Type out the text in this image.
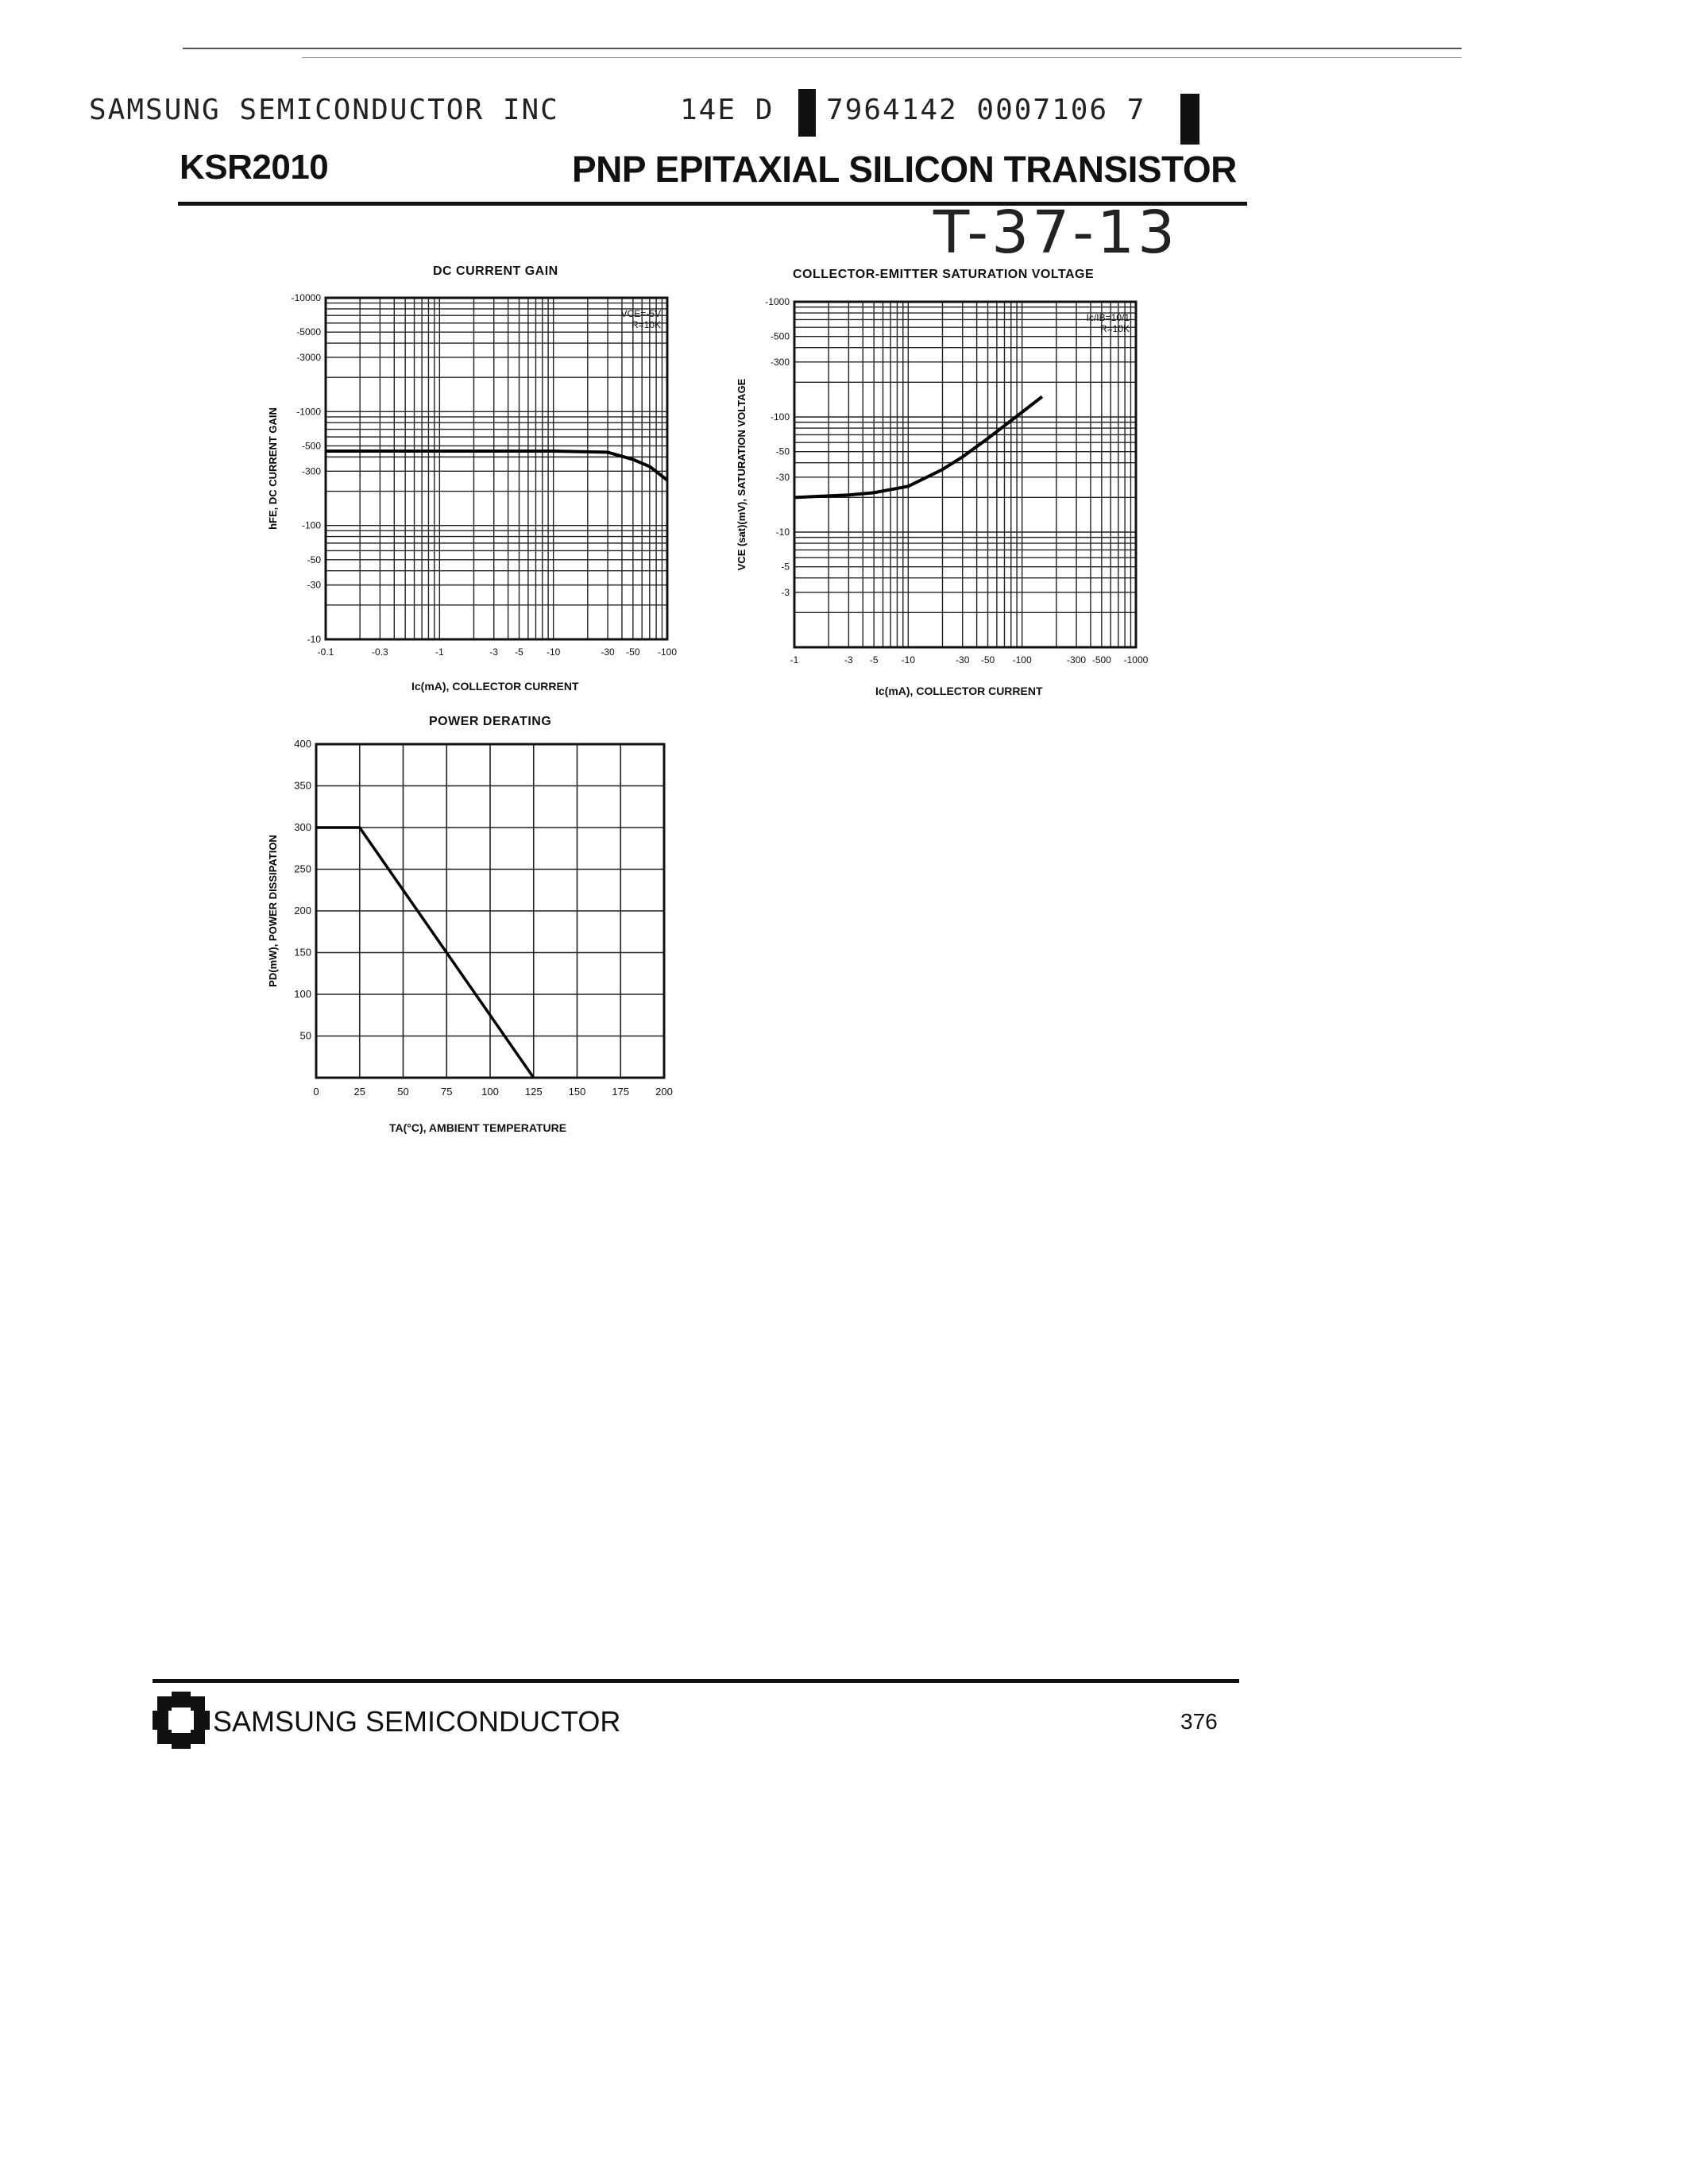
SAMSUNG SEMICONDUCTOR INC	14E D 7964142 0007106 7
KSR2010	PNP EPITAXIAL SILICON TRANSISTOR
T-37-13
DC CURRENT GAIN
-0.1	-0.3	-1	-3 -5 -10	-30 -50 -100
-10
-30
-50
-100
-300
-500
-1000
-3000
-5000
-10000
hFE, DC CURRENT GAIN
VCE=-5V
R=10K
Ic(mA), COLLECTOR CURRENT
COLLECTOR-EMITTER SATURATION VOLTAGE
-1	-3 -5 -10	-30 -50 -100	-300 -500 -1000
-3
-5
-10
-30
-50
-100
-300
-500
-1000
VCE (sat)(mV), SATURATION VOLTAGE
Ic/IB=10/1
R=10K
Ic(mA), COLLECTOR CURRENT
POWER DERATING
0	25	50	75	100	125	150	175	200
50
100
150
200
250
300
350
400
PD(mW), POWER DISSIPATION
TA(°C), AMBIENT TEMPERATURE
SAMSUNG SEMICONDUCTOR	376
